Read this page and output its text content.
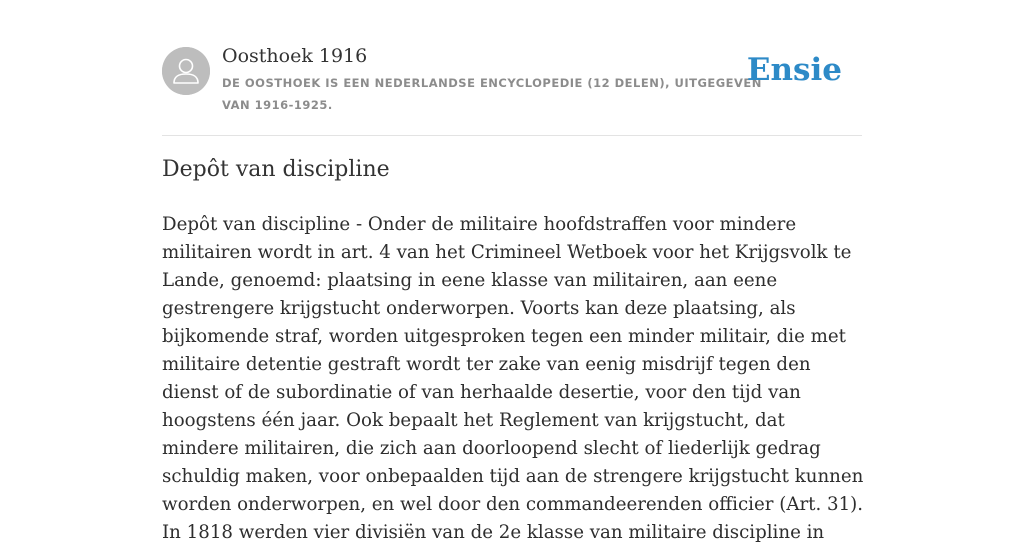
Oosthoek 1916
DE OOSTHOEK IS EEN NEDERLANDSE ENCYCLOPEDIE (12 DELEN), UITGEGEVEN VAN 1916-1925.
Ensie
Depôt van discipline

Depôt van discipline - Onder de militaire hoofdstraffen voor mindere militairen wordt in art. 4 van het Crimineel Wetboek voor het Krijgsvolk te Lande, genoemd: plaatsing in eene klasse van militairen, aan eene gestrengere krijgstucht onderworpen. Voorts kan deze plaatsing, als bijkomende straf, worden uitgesproken tegen een minder militair, die met militaire detentie gestraft wordt ter zake van eenig misdrijf tegen den dienst of de subordinatie of van herhaalde desertie, voor den tijd van hoogstens één jaar. Ook bepaalt het Reglement van krijgstucht, dat mindere militairen, die zich aan doorloopend slecht of liederlijk gedrag schuldig maken, voor onbepaalden tijd aan de strengere krijgstucht kunnen worden onderworpen, en wel door den commandeerenden officier (Art. 31). In 1818 werden vier divisiën van de 2e klasse van militaire discipline in
